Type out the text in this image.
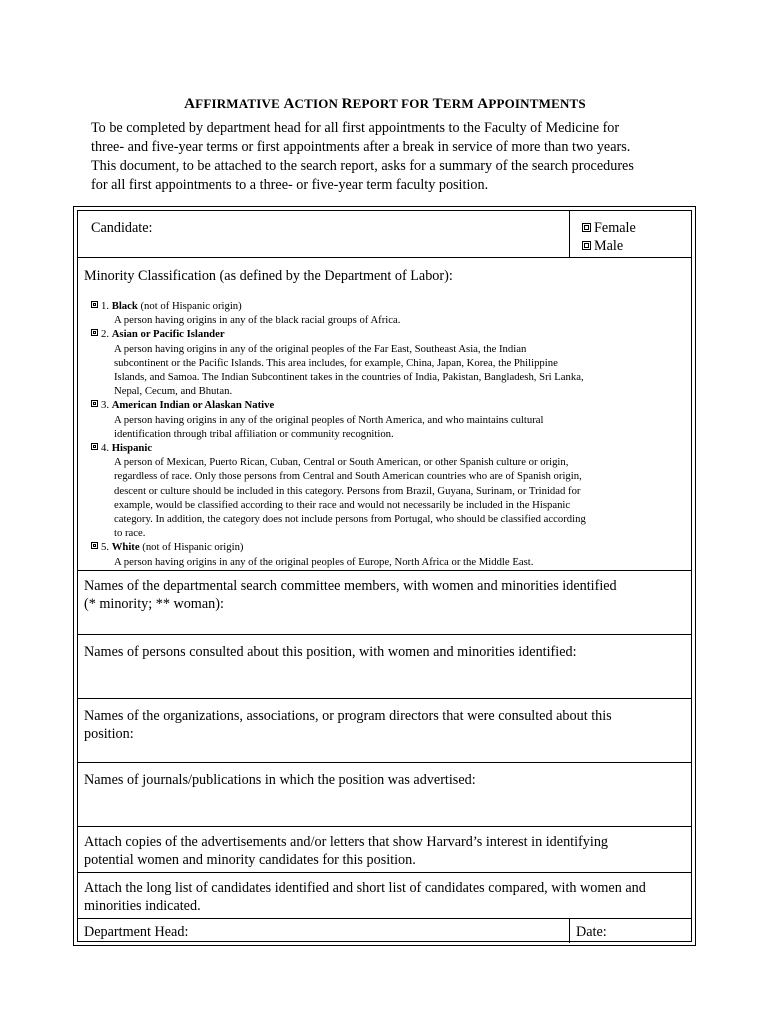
AFFIRMATIVE ACTION REPORT FOR TERM APPOINTMENTS
To be completed by department head for all first appointments to the Faculty of Medicine for
three- and five-year terms or first appointments after a break in service of more than two years.
This document, to be attached to the search report, asks for a summary of the search procedures
for all first appointments to a three- or five-year term faculty position.
Candidate:	Female
Male
Minority Classification (as defined by the Department of Labor):
1. Black (not of Hispanic origin)
A person having origins in any of the black racial groups of Africa.
2. Asian or Pacific Islander
A person having origins in any of the original peoples of the Far East, Southeast Asia, the Indian
subcontinent or the Pacific Islands. This area includes, for example, China, Japan, Korea, the Philippine
Islands, and Samoa. The Indian Subcontinent takes in the countries of India, Pakistan, Bangladesh, Sri Lanka,
Nepal, Cecum, and Bhutan.
3. American Indian or Alaskan Native
A person having origins in any of the original peoples of North America, and who maintains cultural
identification through tribal affiliation or community recognition.
4. Hispanic
A person of Mexican, Puerto Rican, Cuban, Central or South American, or other Spanish culture or origin,
regardless of race. Only those persons from Central and South American countries who are of Spanish origin,
descent or culture should be included in this category. Persons from Brazil, Guyana, Surinam, or Trinidad for
example, would be classified according to their race and would not necessarily be included in the Hispanic
category. In addition, the category does not include persons from Portugal, who should be classified according
to race.
5. White (not of Hispanic origin)
A person having origins in any of the original peoples of Europe, North Africa or the Middle East.
Names of the departmental search committee members, with women and minorities identified
(* minority; ** woman):
Names of persons consulted about this position, with women and minorities identified:
Names of the organizations, associations, or program directors that were consulted about this
position:
Names of journals/publications in which the position was advertised:
Attach copies of the advertisements and/or letters that show Harvard’s interest in identifying
potential women and minority candidates for this position.
Attach the long list of candidates identified and short list of candidates compared, with women and
minorities indicated.
Department Head:	Date:
